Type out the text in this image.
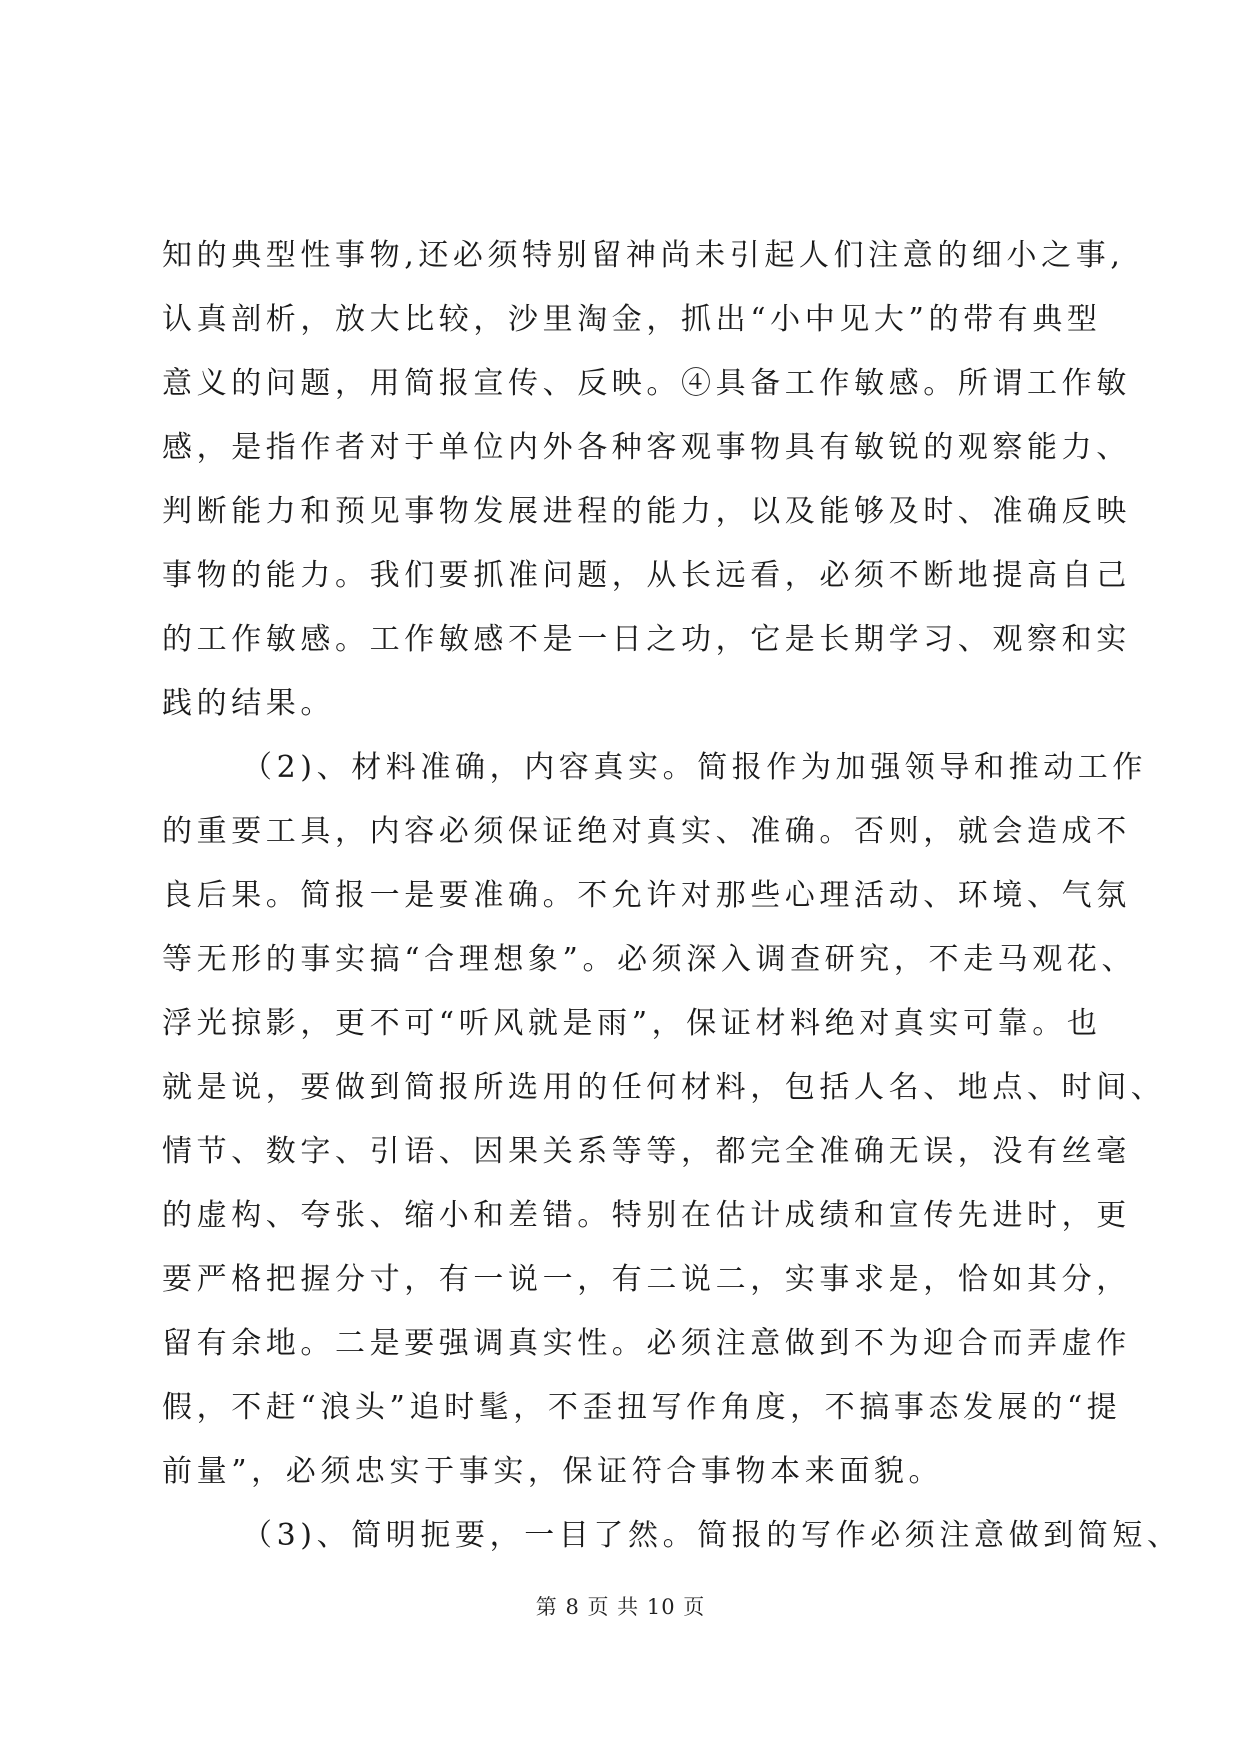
知的典型性事物,还必须特别留神尚未引起人们注意的细小之事,
认真剖析，放大比较，沙里淘金，抓出“小中见大”的带有典型
意义的问题，用简报宣传、反映。④具备工作敏感。所谓工作敏
感，是指作者对于单位内外各种客观事物具有敏锐的观察能力、
判断能力和预见事物发展进程的能力，以及能够及时、准确反映
事物的能力。我们要抓准问题，从长远看，必须不断地提高自己
的工作敏感。工作敏感不是一日之功，它是长期学习、观察和实
践的结果。
（2)、材料准确，内容真实。简报作为加强领导和推动工作
的重要工具，内容必须保证绝对真实、准确。否则，就会造成不
良后果。简报一是要准确。不允许对那些心理活动、环境、气氛
等无形的事实搞“合理想象”。必须深入调查研究，不走马观花、
浮光掠影，更不可“听风就是雨”，保证材料绝对真实可靠。也
就是说，要做到简报所选用的任何材料，包括人名、地点、时间、
情节、数字、引语、因果关系等等，都完全准确无误，没有丝毫
的虚构、夸张、缩小和差错。特别在估计成绩和宣传先进时，更
要严格把握分寸，有一说一，有二说二，实事求是，恰如其分，
留有余地。二是要强调真实性。必须注意做到不为迎合而弄虚作
假，不赶“浪头”追时髦，不歪扭写作角度，不搞事态发展的“提
前量”，必须忠实于事实，保证符合事物本来面貌。
（3)、简明扼要，一目了然。简报的写作必须注意做到简短、
第 8 页 共 10 页
